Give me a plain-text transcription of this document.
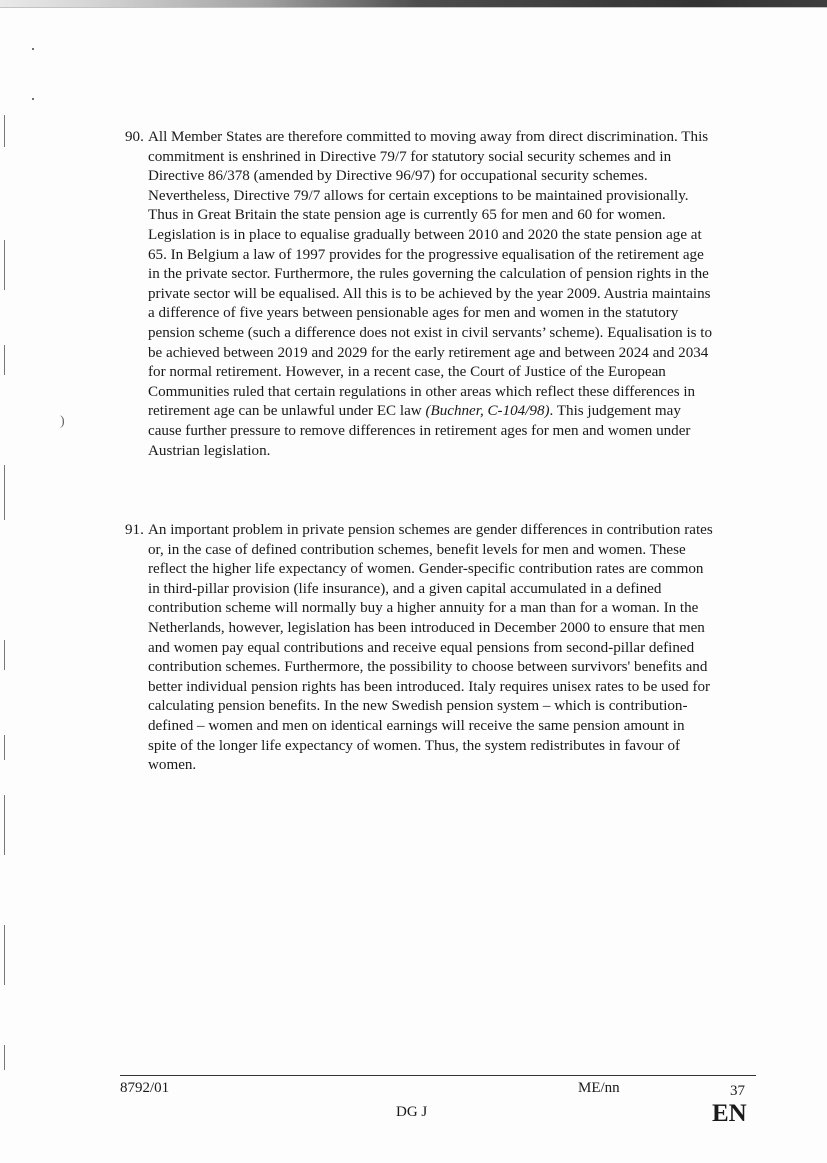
)
90. All Member States are therefore committed to moving away from direct discrimination. This commitment is enshrined in Directive 79/7 for statutory social security schemes and in Directive 86/378 (amended by Directive 96/97) for occupational security schemes. Nevertheless, Directive 79/7 allows for certain exceptions to be maintained provisionally. Thus in Great Britain the state pension age is currently 65 for men and 60 for women. Legislation is in place to equalise gradually between 2010 and 2020 the state pension age at 65. In Belgium a law of 1997 provides for the progressive equalisation of the retirement age in the private sector. Furthermore, the rules governing the calculation of pension rights in the private sector will be equalised. All this is to be achieved by the year 2009. Austria maintains a difference of five years between pensionable ages for men and women in the statutory pension scheme (such a difference does not exist in civil servants’ scheme). Equalisation is to be achieved between 2019 and 2029 for the early retirement age and between 2024 and 2034 for normal retirement. However, in a recent case, the Court of Justice of the European Communities ruled that certain regulations in other areas which reflect these differences in retirement age can be unlawful under EC law (Buchner, C-104/98). This judgement may cause further pressure to remove differences in retirement ages for men and women under Austrian legislation.
91. An important problem in private pension schemes are gender differences in contribution rates or, in the case of defined contribution schemes, benefit levels for men and women. These reflect the higher life expectancy of women. Gender-specific contribution rates are common in third-pillar provision (life insurance), and a given capital accumulated in a defined contribution scheme will normally buy a higher annuity for a man than for a woman. In the Netherlands, however, legislation has been introduced in December 2000 to ensure that men and women pay equal contributions and receive equal pensions from second-pillar defined contribution schemes. Furthermore, the possibility to choose between survivors' benefits and better individual pension rights has been introduced. Italy requires unisex rates to be used for calculating pension benefits. In the new Swedish pension system – which is contribution-defined – women and men on identical earnings will receive the same pension amount in spite of the longer life expectancy of women. Thus, the system redistributes in favour of women.
8792/01	ME/nn	37
DG J	EN
